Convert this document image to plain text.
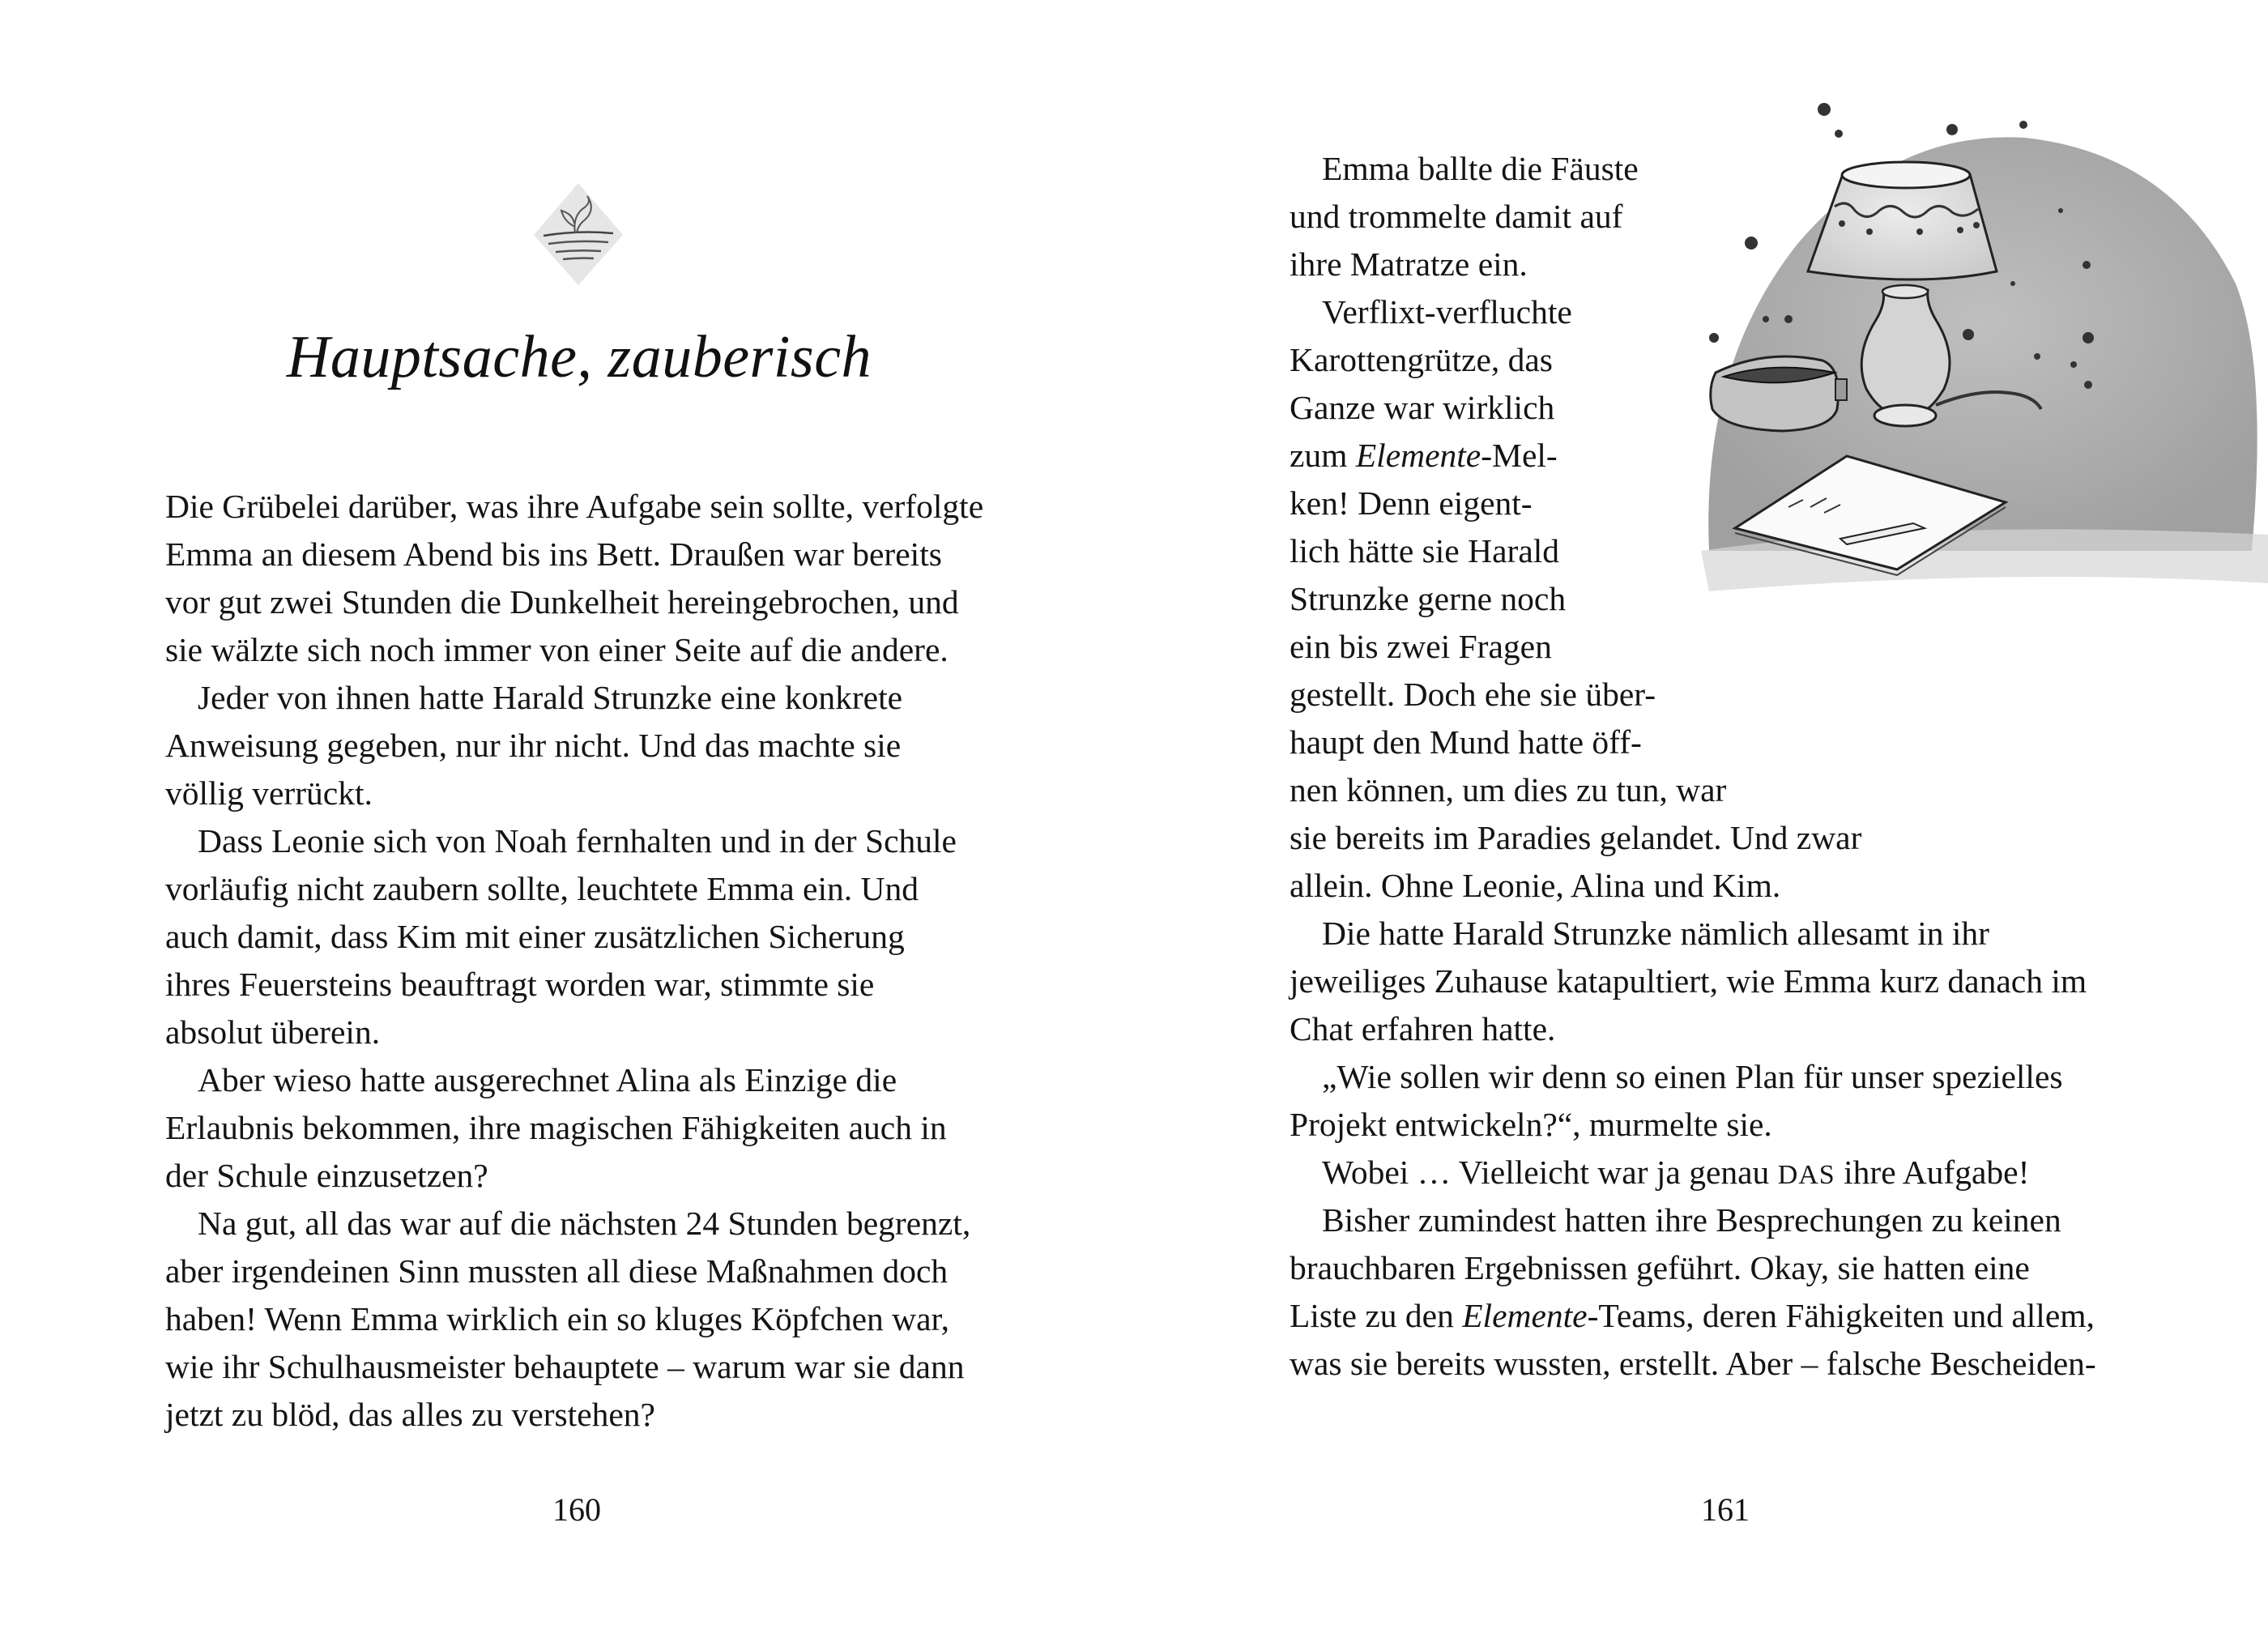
Hauptsache, zauberisch
Die Grübelei darüber, was ihre Aufgabe sein sollte, verfolgte
Emma an diesem Abend bis ins Bett. Draußen war bereits
vor gut zwei Stunden die Dunkelheit hereingebrochen, und
sie wälzte sich noch immer von einer Seite auf die andere.
Jeder von ihnen hatte Harald Strunzke eine konkrete
Anweisung gegeben, nur ihr nicht. Und das machte sie
völlig verrückt.
Dass Leonie sich von Noah fernhalten und in der Schule
vorläufig nicht zaubern sollte, leuchtete Emma ein. Und
auch damit, dass Kim mit einer zusätzlichen Sicherung
ihres Feuersteins beauftragt worden war, stimmte sie
absolut überein.
Aber wieso hatte ausgerechnet Alina als Einzige die
Erlaubnis bekommen, ihre magischen Fähigkeiten auch in
der Schule einzusetzen?
Na gut, all das war auf die nächsten 24 Stunden begrenzt,
aber irgendeinen Sinn mussten all diese Maßnahmen doch
haben! Wenn Emma wirklich ein so kluges Köpfchen war,
wie ihr Schulhausmeister behauptete – warum war sie dann
jetzt zu blöd, das alles zu verstehen?
160
Emma ballte die Fäuste
und trommelte damit auf
ihre Matratze ein.
Verflixt-verfluchte
Karottengrütze, das
Ganze war wirklich
zum Elemente-Mel-
ken! Denn eigent-
lich hätte sie Harald
Strunzke gerne noch
ein bis zwei Fragen
gestellt. Doch ehe sie über-
haupt den Mund hatte öff-
nen können, um dies zu tun, war
sie bereits im Paradies gelandet. Und zwar
allein. Ohne Leonie, Alina und Kim.
Die hatte Harald Strunzke nämlich allesamt in ihr
jeweiliges Zuhause katapultiert, wie Emma kurz danach im
Chat erfahren hatte.
„Wie sollen wir denn so einen Plan für unser spezielles
Projekt entwickeln?“, murmelte sie.
Wobei … Vielleicht war ja genau DAS ihre Aufgabe!
Bisher zumindest hatten ihre Besprechungen zu keinen
brauchbaren Ergebnissen geführt. Okay, sie hatten eine
Liste zu den Elemente-Teams, deren Fähigkeiten und allem,
was sie bereits wussten, erstellt. Aber – falsche Bescheiden-
161
